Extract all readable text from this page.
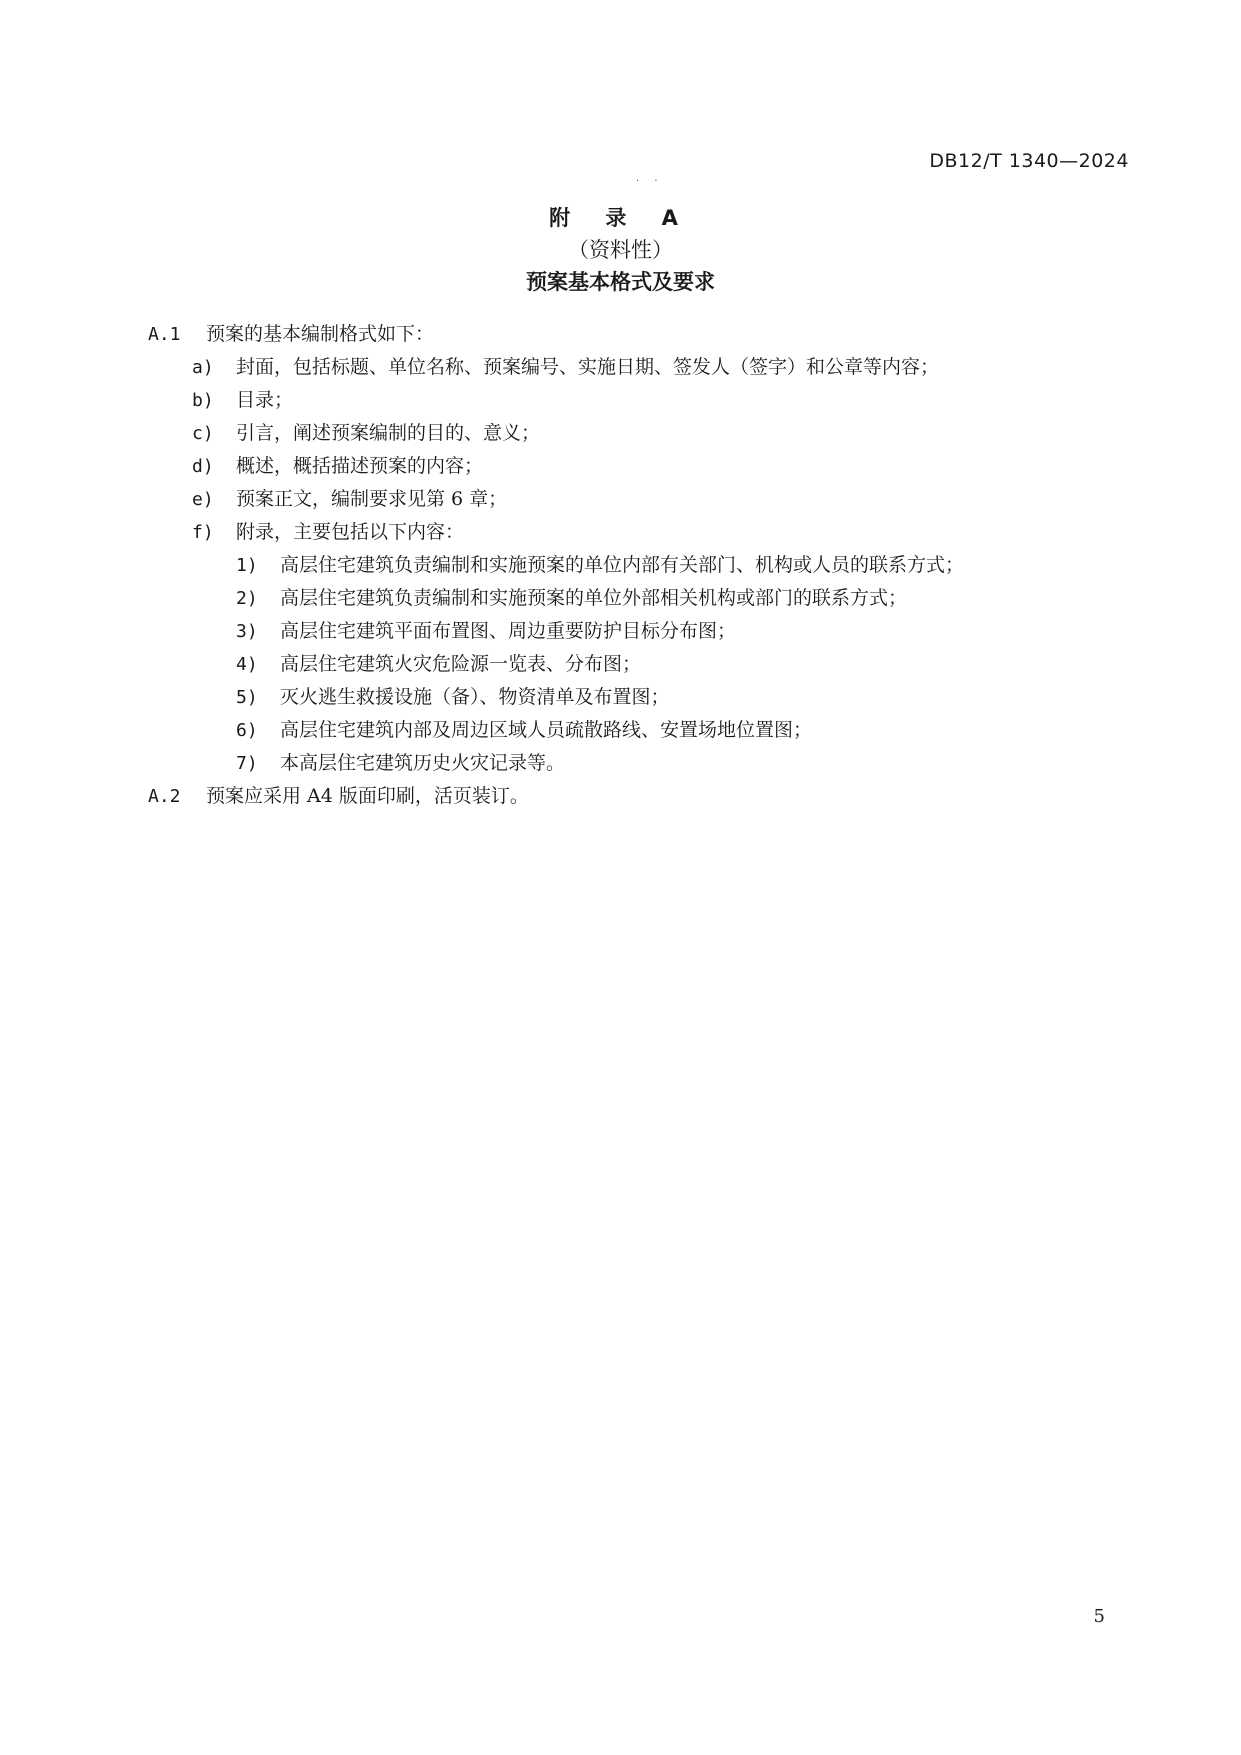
DB12/T 1340—2024
· ·
附 录 A
（资料性）
预案基本格式及要求
A.1 预案的基本编制格式如下：
a) 封面，包括标题、单位名称、预案编号、实施日期、签发人（签字）和公章等内容；
b) 目录；
c) 引言，阐述预案编制的目的、意义；
d) 概述，概括描述预案的内容；
e) 预案正文，编制要求见第 6 章；
f) 附录，主要包括以下内容：
1) 高层住宅建筑负责编制和实施预案的单位内部有关部门、机构或人员的联系方式；
2) 高层住宅建筑负责编制和实施预案的单位外部相关机构或部门的联系方式；
3) 高层住宅建筑平面布置图、周边重要防护目标分布图；
4) 高层住宅建筑火灾危险源一览表、分布图；
5) 灭火逃生救援设施（备）、物资清单及布置图；
6) 高层住宅建筑内部及周边区域人员疏散路线、安置场地位置图；
7) 本高层住宅建筑历史火灾记录等。
A.2 预案应采用 A4 版面印刷，活页装订。
5
